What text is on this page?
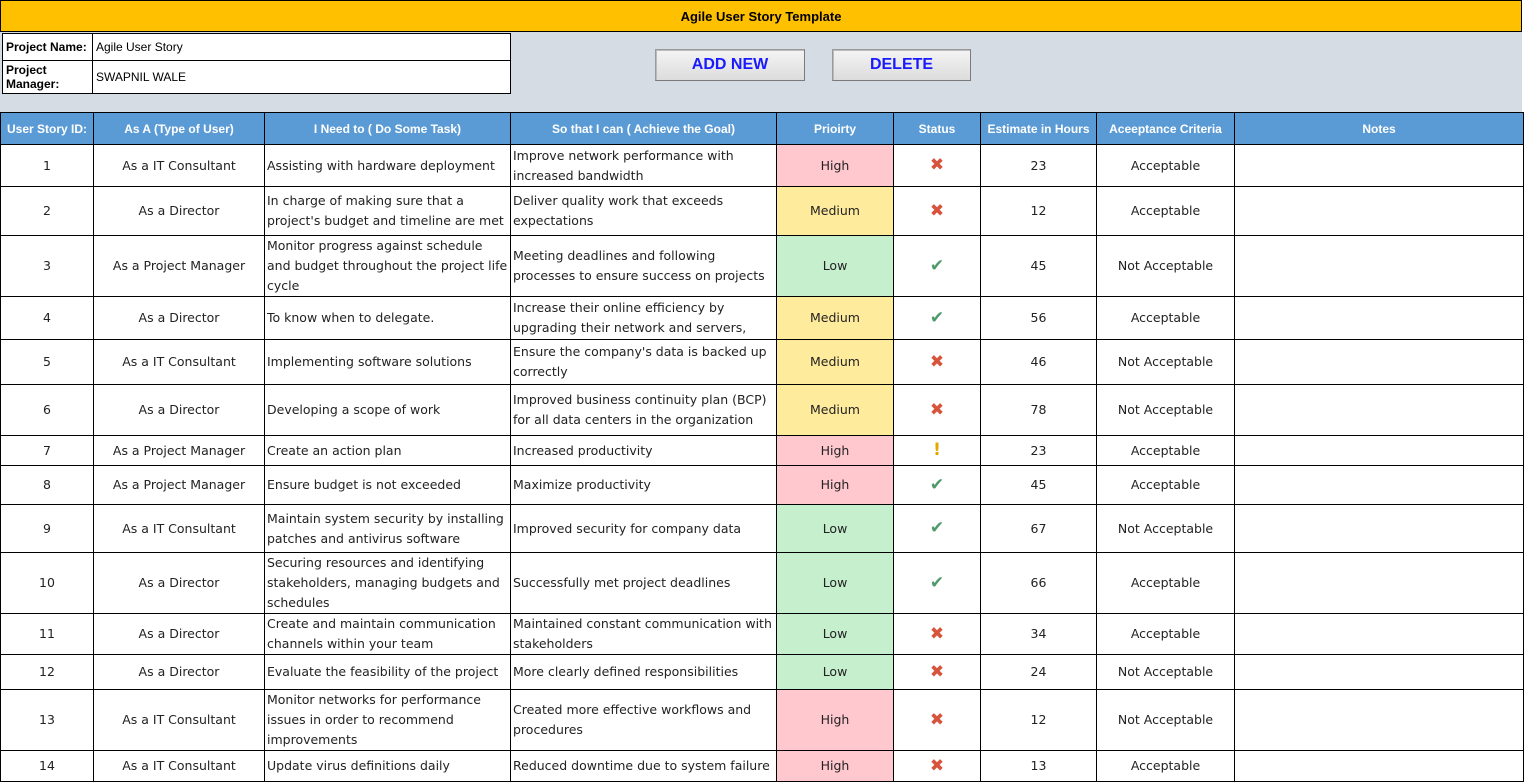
Agile User Story Template
Project Name:	Agile User Story
Project Manager:	SWAPNIL WALE
ADD NEW	DELETE
User Story ID:	As A (Type of User)	I Need to ( Do Some Task)	So that I can ( Achieve the Goal)	Prioirty	Status	Estimate in Hours	Aceeptance Criteria	Notes
1	As a IT Consultant	Assisting with hardware deployment	Improve network performance with increased bandwidth	High	✖	23	Acceptable	
2	As a Director	In charge of making sure that a project's budget and timeline are met	Deliver quality work that exceeds expectations	Medium	✖	12	Acceptable	
3	As a Project Manager	Monitor progress against schedule and budget throughout the project life cycle	Meeting deadlines and following processes to ensure success on projects	Low	✔	45	Not Acceptable	
4	As a Director	To know when to delegate.	Increase their online efficiency by upgrading their network and servers,	Medium	✔	56	Acceptable	
5	As a IT Consultant	Implementing software solutions	Ensure the company's data is backed up correctly	Medium	✖	46	Not Acceptable	
6	As a Director	Developing a scope of work	Improved business continuity plan (BCP) for all data centers in the organization	Medium	✖	78	Not Acceptable	
7	As a Project Manager	Create an action plan	Increased productivity	High	!	23	Acceptable	
8	As a Project Manager	Ensure budget is not exceeded	Maximize productivity	High	✔	45	Acceptable	
9	As a IT Consultant	Maintain system security by installing patches and antivirus software	Improved security for company data	Low	✔	67	Not Acceptable	
10	As a Director	Securing resources and identifying stakeholders, managing budgets and schedules	Successfully met project deadlines	Low	✔	66	Acceptable	
11	As a Director	Create and maintain communication channels within your team	Maintained constant communication with stakeholders	Low	✖	34	Acceptable	
12	As a Director	Evaluate the feasibility of the project	More clearly defined responsibilities	Low	✖	24	Not Acceptable	
13	As a IT Consultant	Monitor networks for performance issues in order to recommend improvements	Created more effective workflows and procedures	High	✖	12	Not Acceptable	
14	As a IT Consultant	Update virus definitions daily	Reduced downtime due to system failure	High	✖	13	Acceptable	
